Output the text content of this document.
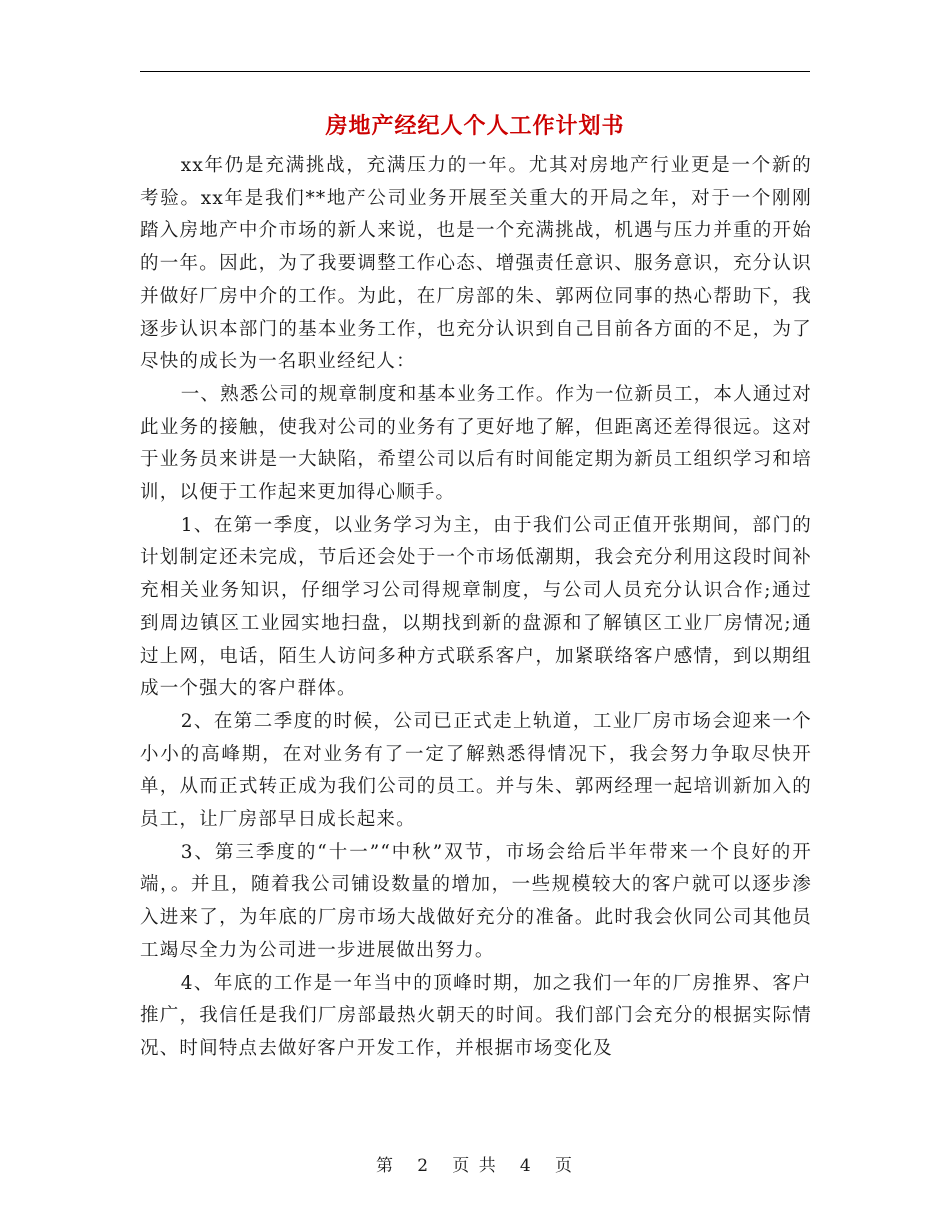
房地产经纪人个人工作计划书

xx年仍是充满挑战，充满压力的一年。尤其对房地产行业更是一个新的考验。xx年是我们**地产公司业务开展至关重大的开局之年，对于一个刚刚踏入房地产中介市场的新人来说，也是一个充满挑战，机遇与压力并重的开始的一年。因此，为了我要调整工作心态、增强责任意识、服务意识，充分认识并做好厂房中介的工作。为此，在厂房部的朱、郭两位同事的热心帮助下，我逐步认识本部门的基本业务工作，也充分认识到自己目前各方面的不足，为了尽快的成长为一名职业经纪人：

一、熟悉公司的规章制度和基本业务工作。作为一位新员工，本人通过对此业务的接触，使我对公司的业务有了更好地了解，但距离还差得很远。这对于业务员来讲是一大缺陷，希望公司以后有时间能定期为新员工组织学习和培训，以便于工作起来更加得心顺手。

1、在第一季度，以业务学习为主，由于我们公司正值开张期间，部门的计划制定还未完成，节后还会处于一个市场低潮期，我会充分利用这段时间补充相关业务知识，仔细学习公司得规章制度，与公司人员充分认识合作;通过到周边镇区工业园实地扫盘，以期找到新的盘源和了解镇区工业厂房情况;通过上网，电话，陌生人访问多种方式联系客户，加紧联络客户感情，到以期组成一个强大的客户群体。

2、在第二季度的时候，公司已正式走上轨道，工业厂房市场会迎来一个小小的高峰期，在对业务有了一定了解熟悉得情况下，我会努力争取尽快开单，从而正式转正成为我们公司的员工。并与朱、郭两经理一起培训新加入的员工，让厂房部早日成长起来。

3、第三季度的“十一”“中秋”双节，市场会给后半年带来一个良好的开端，。并且，随着我公司铺设数量的增加，一些规模较大的客户就可以逐步渗入进来了，为年底的厂房市场大战做好充分的准备。此时我会伙同公司其他员工竭尽全力为公司进一步进展做出努力。

4、年底的工作是一年当中的顶峰时期，加之我们一年的厂房推界、客户推广，我信任是我们厂房部最热火朝天的时间。我们部门会充分的根据实际情况、时间特点去做好客户开发工作，并根据市场变化及

第 2 页 共 4 页
